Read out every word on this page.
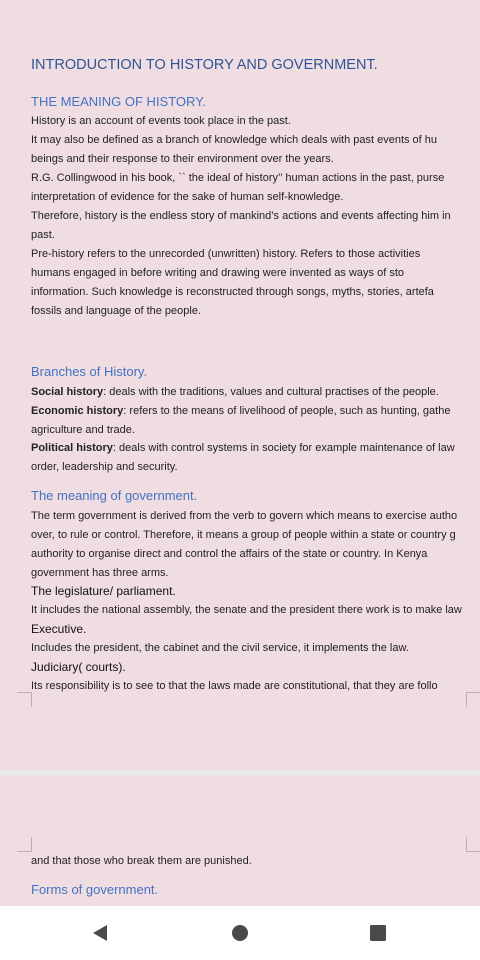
INTRODUCTION TO HISTORY AND GOVERNMENT.
THE MEANING OF HISTORY.
History is an account of events took place in the past.
It may also be defined as a branch of knowledge which deals with past events of hu
beings and their response to their environment over the years.
R.G. Collingwood in his book, `` the ideal of history’’ human actions in the past, purse
interpretation of evidence for the sake of human self-knowledge.
Therefore, history is the endless story of mankind’s actions and events affecting him in
past.
Pre-history refers to the unrecorded (unwritten) history. Refers to those activities
humans engaged in before writing and drawing were invented as ways of sto
information. Such knowledge is reconstructed through songs, myths, stories, artefa
fossils and language of the people.
Branches of History.
Social history: deals with the traditions, values and cultural practises of the people.
Economic history: refers to the means of livelihood of people, such as hunting, gathe
agriculture and trade.
Political history: deals with control systems in society for example maintenance of law
order, leadership and security.
The meaning of government.
The term government is derived from the verb to govern which means to exercise autho
over, to rule or control. Therefore, it means a group of people within a state or country g
authority to organise direct and control the affairs of the state or country. In Kenya
government has three arms.
The legislature/ parliament.
It includes the national assembly, the senate and the president there work is to make law
Executive.
Includes the president, the cabinet and the civil service, it implements the law.
Judiciary( courts).
Its responsibility is to see to that the laws made are constitutional, that they are follo
and that those who break them are punished.
Forms of government.
